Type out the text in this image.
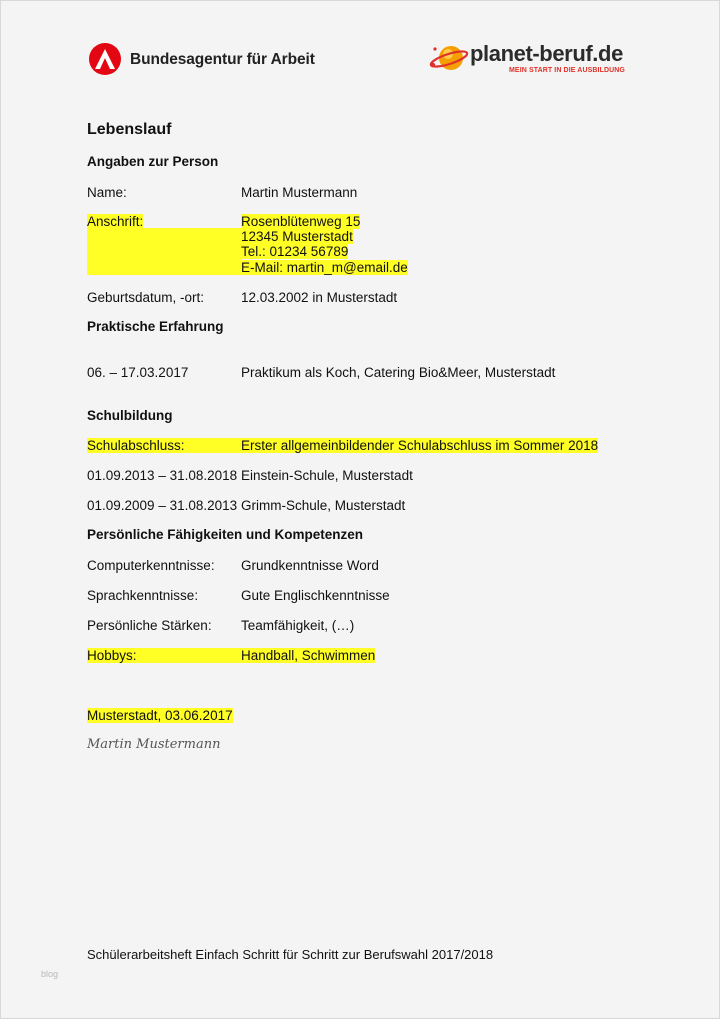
Bundesagentur für Arbeit	planet-beruf.de
MEIN START IN DIE AUSBILDUNG
Lebenslauf
Angaben zur Person
Name:	Martin Mustermann
Anschrift:	Rosenblütenweg 15
12345 Musterstadt
Tel.: 01234 56789
E-Mail: martin_m@email.de
Geburtsdatum, -ort:	12.03.2002 in Musterstadt
Praktische Erfahrung
06. – 17.03.2017	Praktikum als Koch, Catering Bio&Meer, Musterstadt
Schulbildung
Schulabschluss:	Erster allgemeinbildender Schulabschluss im Sommer 2018
01.09.2013 – 31.08.2018 Einstein-Schule, Musterstadt
01.09.2009 – 31.08.2013 Grimm-Schule, Musterstadt
Persönliche Fähigkeiten und Kompetenzen
Computerkenntnisse: Grundkenntnisse Word
Sprachkenntnisse:	Gute Englischkenntnisse
Persönliche Stärken: Teamfähigkeit, (…)
Hobbys:	Handball, Schwimmen
Musterstadt, 03.06.2017
Martin Mustermann
Schülerarbeitsheft Einfach Schritt für Schritt zur Berufswahl 2017/2018
blog
